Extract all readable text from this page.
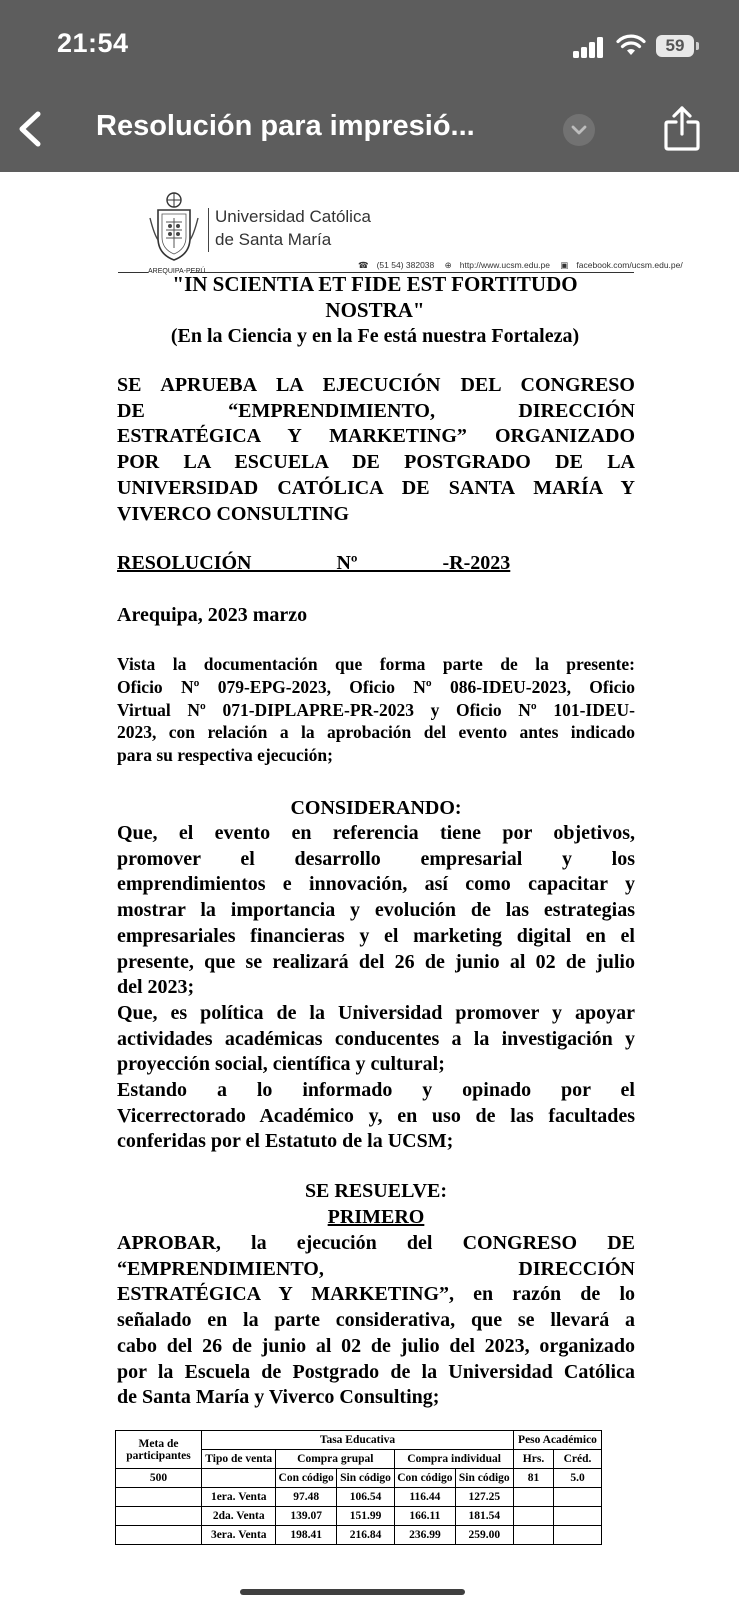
21:54	59
Resolución para impresió...
AREQUIPA-PERÚ
Universidad Católica
de Santa María
☎ (51 54) 382038 ⊕ http://www.ucsm.edu.pe ▣ facebook.com/ucsm.edu.pe/
"IN SCIENTIA ET FIDE EST FORTITUDO
NOSTRA"
(En la Ciencia y en la Fe está nuestra Fortaleza)
SE APRUEBA LA EJECUCIÓN DEL CONGRESO
DE “EMPRENDIMIENTO, DIRECCIÓN
ESTRATÉGICA Y MARKETING” ORGANIZADO
POR LA ESCUELA DE POSTGRADO DE LA
UNIVERSIDAD CATÓLICA DE SANTA MARÍA Y
VIVERCO CONSULTING
RESOLUCIÓN Nº -R-2023
Arequipa, 2023 marzo
Vista la documentación que forma parte de la presente:
Oficio Nº 079-EPG-2023, Oficio Nº 086-IDEU-2023, Oficio
Virtual Nº 071-DIPLAPRE-PR-2023 y Oficio Nº 101-IDEU-
2023, con relación a la aprobación del evento antes indicado
para su respectiva ejecución;
CONSIDERANDO:
Que, el evento en referencia tiene por objetivos,
promover el desarrollo empresarial y los
emprendimientos e innovación, así como capacitar y
mostrar la importancia y evolución de las estrategias
empresariales financieras y el marketing digital en el
presente, que se realizará del 26 de junio al 02 de julio
del 2023;
Que, es política de la Universidad promover y apoyar
actividades académicas conducentes a la investigación y
proyección social, científica y cultural;
Estando a lo informado y opinado por el
Vicerrectorado Académico y, en uso de las facultades
conferidas por el Estatuto de la UCSM;
SE RESUELVE:
PRIMERO
APROBAR, la ejecución del CONGRESO DE
“EMPRENDIMIENTO, DIRECCIÓN
ESTRATÉGICA Y MARKETING”, en razón de lo
señalado en la parte considerativa, que se llevará a
cabo del 26 de junio al 02 de julio del 2023, organizado
por la Escuela de Postgrado de la Universidad Católica
de Santa María y Viverco Consulting;
Meta de participantes	Tasa Educativa					Peso Académico	
	Tipo de venta	Compra grupal		Compra individual		Hrs.	Créd.
500		Con código	Sin código	Con código	Sin código	81	5.0
	1era. Venta	97.48	106.54	116.44	127.25		
	2da. Venta	139.07	151.99	166.11	181.54		
	3era. Venta	198.41	216.84	236.99	259.00		
